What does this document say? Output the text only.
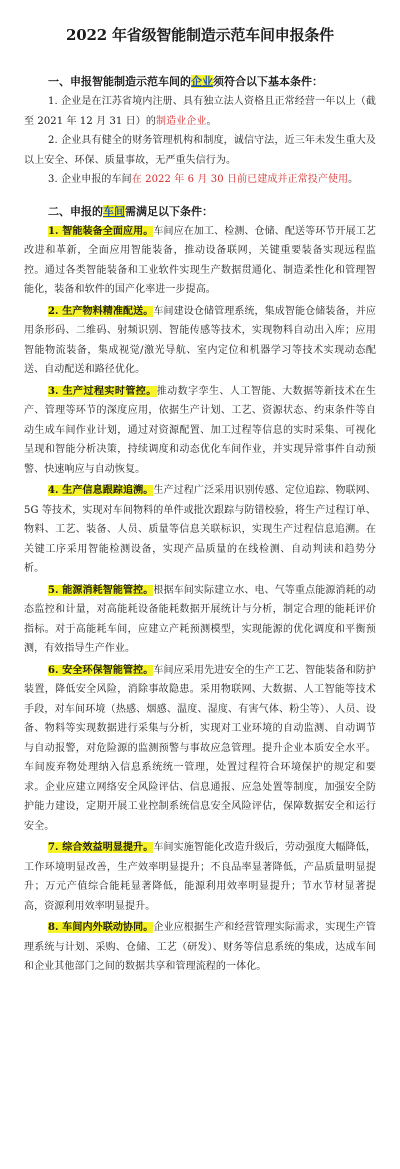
2022 年省级智能制造示范车间申报条件
一、申报智能制造示范车间的企业须符合以下基本条件：

1. 企业是在江苏省境内注册、具有独立法人资格且正常经营一年以上（截至 2021 年 12 月 31 日）的制造业企业。

2. 企业具有健全的财务管理机构和制度，诚信守法，近三年未发生重大及以上安全、环保、质量事故，无严重失信行为。

3. 企业申报的车间在 2022 年 6 月 30 日前已建成并正常投产使用。

二、申报的车间需满足以下条件：

1. 智能装备全面应用。车间应在加工、检测、仓储、配送等环节开展工艺改进和革新，全面应用智能装备，推动设备联网，关键重要装备实现远程监控。通过各类智能装备和工业软件实现生产数据贯通化、制造柔性化和管理智能化，装备和软件的国产化率进一步提高。

2. 生产物料精准配送。车间建设仓储管理系统，集成智能仓储装备，并应用条形码、二维码、射频识别、智能传感等技术，实现物料自动出入库；应用智能物流装备，集成视觉/激光导航、室内定位和机器学习等技术实现动态配送、自动配送和路径优化。

3. 生产过程实时管控。推动数字孪生、人工智能、大数据等新技术在生产、管理等环节的深度应用，依据生产计划、工艺、资源状态、约束条件等自动生成车间作业计划，通过对资源配置、加工过程等信息的实时采集、可视化呈现和智能分析决策，持续调度和动态优化车间作业，并实现异常事件自动预警、快速响应与自动恢复。

4. 生产信息跟踪追溯。生产过程广泛采用识别传感、定位追踪、物联网、5G 等技术，实现对车间物料的单件或批次跟踪与防错校验，将生产过程订单、物料、工艺、装备、人员、质量等信息关联标识，实现生产过程信息追溯。在关键工序采用智能检测设备，实现产品质量的在线检测、自动判读和趋势分析。

5. 能源消耗智能管控。根据车间实际建立水、电、气等重点能源消耗的动态监控和计量，对高能耗设备能耗数据开展统计与分析，制定合理的能耗评价指标。对于高能耗车间，应建立产耗预测模型，实现能源的优化调度和平衡预测，有效指导生产作业。

6. 安全环保智能管控。车间应采用先进安全的生产工艺、智能装备和防护装置，降低安全风险，消除事故隐患。采用物联网、大数据、人工智能等技术手段，对车间环境（热感、烟感、温度、湿度、有害气体、粉尘等）、人员、设备、物料等实现数据进行采集与分析，实现对工业环境的自动监测、自动调节与自动报警，对危险源的监测预警与事故应急管理。提升企业本质安全水平。车间废弃物处理纳入信息系统统一管理，处置过程符合环境保护的规定和要求。企业应建立网络安全风险评估、信息通报、应急处置等制度，加强安全防护能力建设，定期开展工业控制系统信息安全风险评估，保障数据安全和运行安全。

7. 综合效益明显提升。车间实施智能化改造升级后，劳动强度大幅降低，工作环境明显改善，生产效率明显提升；不良品率显著降低，产品质量明显提升；万元产值综合能耗显著降低，能源利用效率明显提升；节水节材显著提高，资源利用效率明显提升。

8. 车间内外联动协同。企业应根据生产和经营管理实际需求，实现生产管理系统与计划、采购、仓储、工艺（研发）、财务等信息系统的集成，达成车间和企业其他部门之间的数据共享和管理流程的一体化。
